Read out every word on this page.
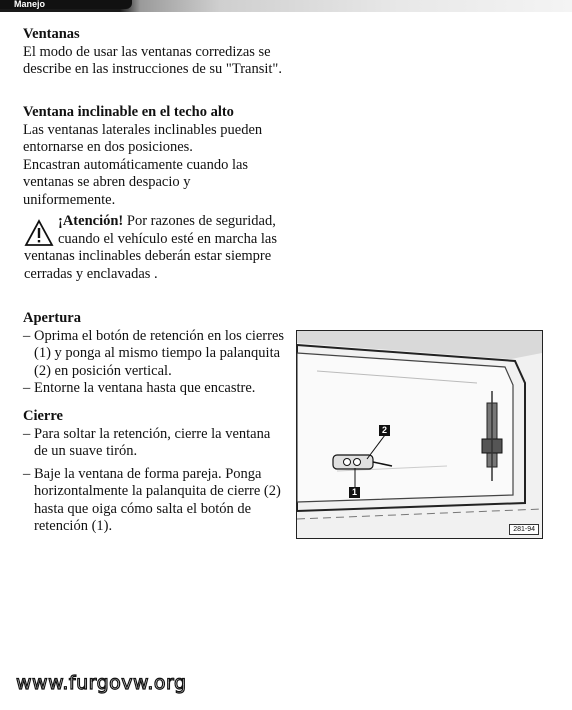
Manejo
Ventanas
El modo de usar las ventanas corredizas se describe en las instrucciones de su "Transit".
Ventana inclinable en el techo alto
Las ventanas laterales inclinables pueden entornarse en dos posiciones.
Encastran automáticamente cuando las ventanas se abren despacio y uniformemente.
¡Atención! Por razones de seguridad, cuando el vehículo esté en marcha las ventanas inclinables deberán estar siempre cerradas y enclavadas .
Apertura
– Oprima el botón de retención en los cierres (1) y ponga al mismo tiempo la palanquita (2) en posición vertical.
– Entorne la ventana hasta que encastre.
Cierre
– Para soltar la retención, cierre la ventana de un suave tirón.
– Baje la ventana de forma pareja. Ponga horizontalmente la palanquita de cierre (2) hasta que oiga cómo salta el botón de retención (1).
2
1
281-94
www.furgovw.org
